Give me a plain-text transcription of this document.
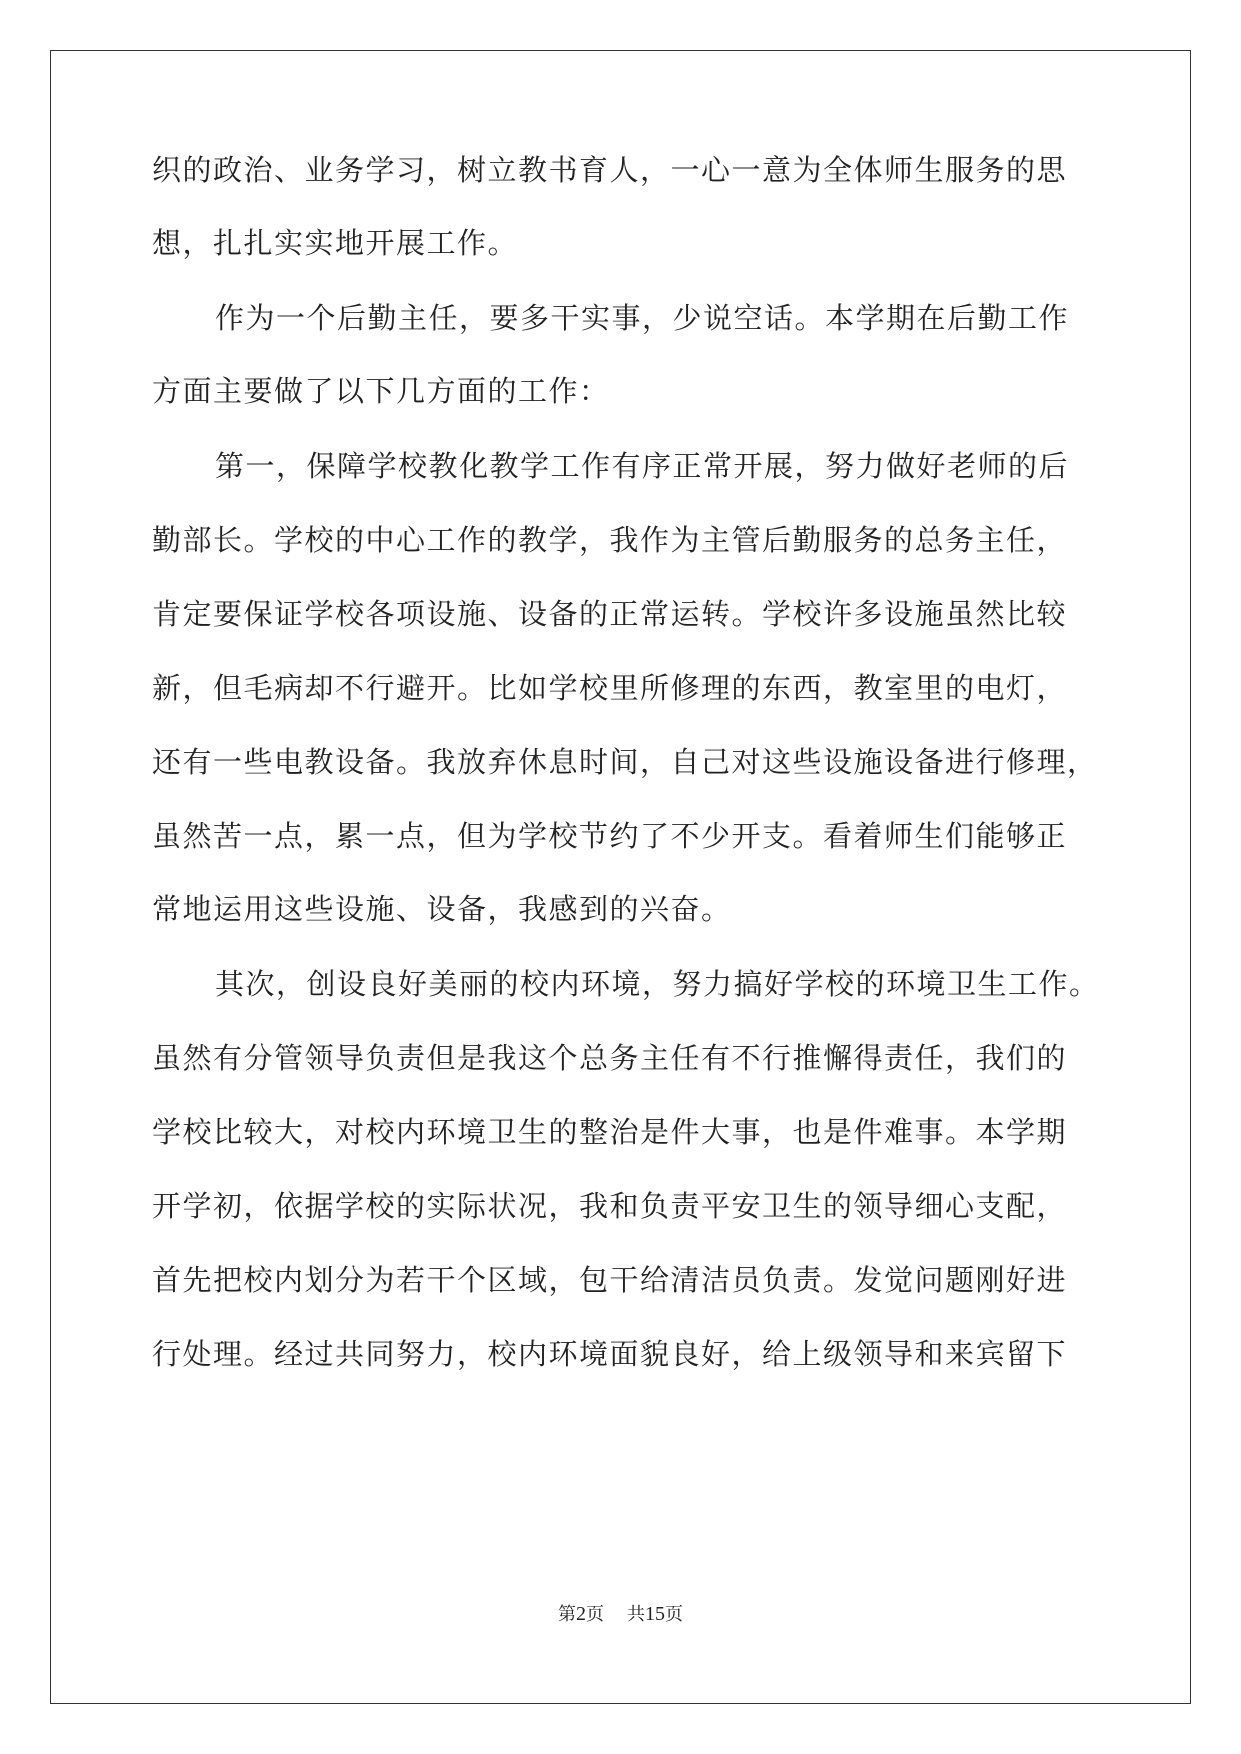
织的政治、业务学习，树立教书育人，一心一意为全体师生服务的思
想，扎扎实实地开展工作。
作为一个后勤主任，要多干实事，少说空话。本学期在后勤工作
方面主要做了以下几方面的工作：
第一，保障学校教化教学工作有序正常开展，努力做好老师的后
勤部长。学校的中心工作的教学，我作为主管后勤服务的总务主任，
肯定要保证学校各项设施、设备的正常运转。学校许多设施虽然比较
新，但毛病却不行避开。比如学校里所修理的东西，教室里的电灯，
还有一些电教设备。我放弃休息时间，自己对这些设施设备进行修理，
虽然苦一点，累一点，但为学校节约了不少开支。看着师生们能够正
常地运用这些设施、设备，我感到的兴奋。
其次，创设良好美丽的校内环境，努力搞好学校的环境卫生工作。
虽然有分管领导负责但是我这个总务主任有不行推懈得责任，我们的
学校比较大，对校内环境卫生的整治是件大事，也是件难事。本学期
开学初，依据学校的实际状况，我和负责平安卫生的领导细心支配，
首先把校内划分为若干个区域，包干给清洁员负责。发觉问题刚好进
行处理。经过共同努力，校内环境面貌良好，给上级领导和来宾留下
第2页 共15页
